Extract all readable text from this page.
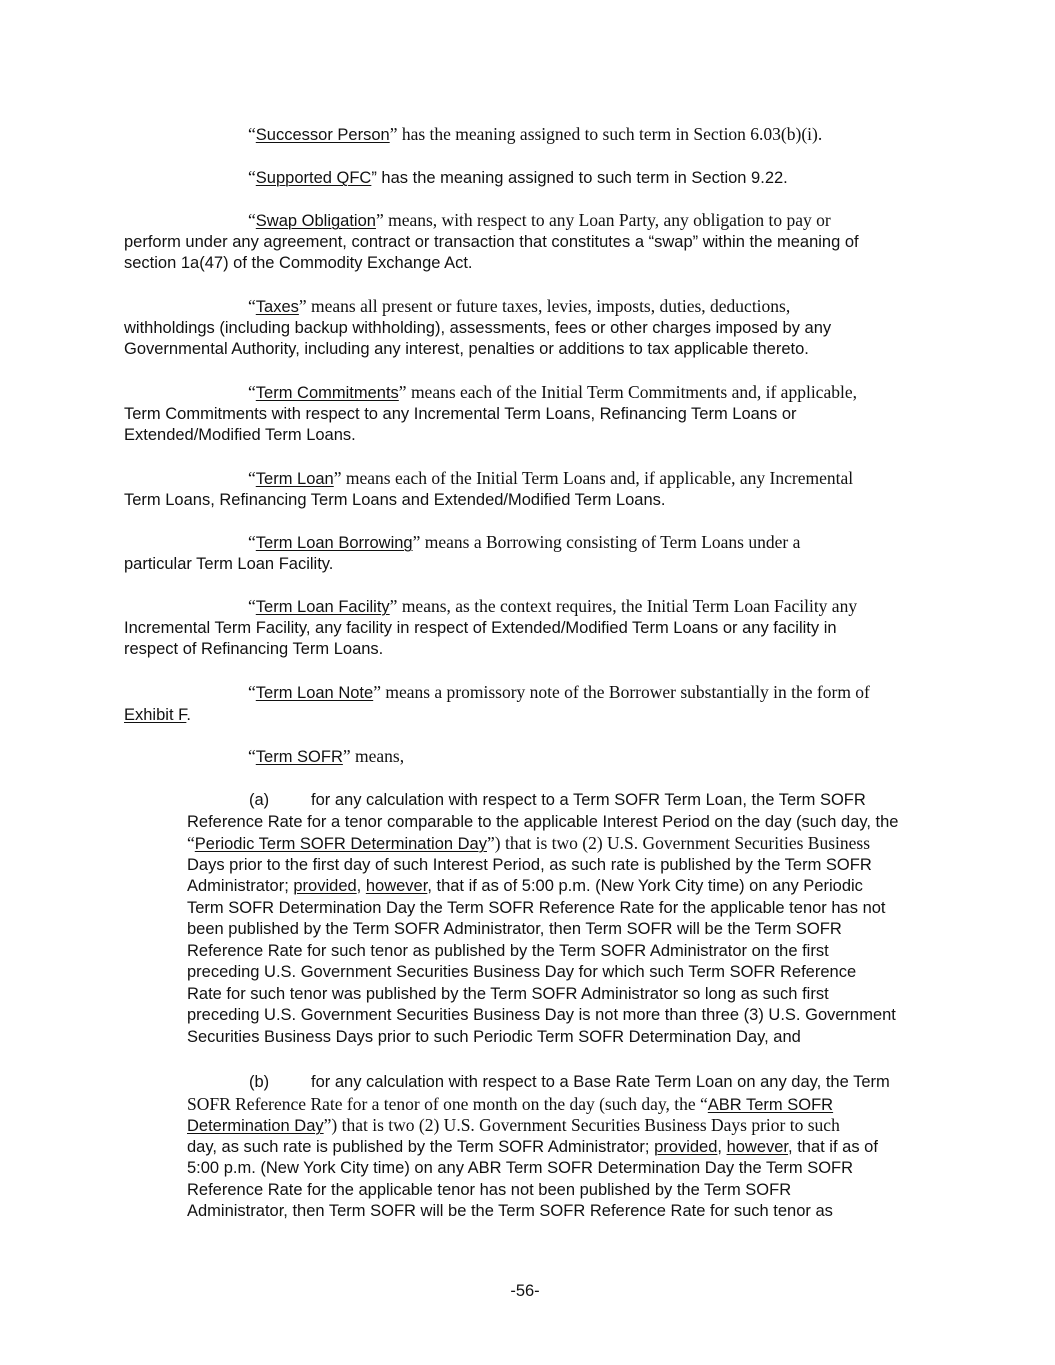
“Successor Person” has the meaning assigned to such term in Section 6.03(b)(i).
“Supported QFC” has the meaning assigned to such term in Section 9.22.
“Swap Obligation” means, with respect to any Loan Party, any obligation to pay or
perform under any agreement, contract or transaction that constitutes a “swap” within the meaning of
section 1a(47) of the Commodity Exchange Act.
“Taxes” means all present or future taxes, levies, imposts, duties, deductions,
withholdings (including backup withholding), assessments, fees or other charges imposed by any
Governmental Authority, including any interest, penalties or additions to tax applicable thereto.
“Term Commitments” means each of the Initial Term Commitments and, if applicable,
Term Commitments with respect to any Incremental Term Loans, Refinancing Term Loans or
Extended/Modified Term Loans.
“Term Loan” means each of the Initial Term Loans and, if applicable, any Incremental
Term Loans, Refinancing Term Loans and Extended/Modified Term Loans.
“Term Loan Borrowing” means a Borrowing consisting of Term Loans under a
particular Term Loan Facility.
“Term Loan Facility” means, as the context requires, the Initial Term Loan Facility any
Incremental Term Facility, any facility in respect of Extended/Modified Term Loans or any facility in
respect of Refinancing Term Loans.
“Term Loan Note” means a promissory note of the Borrower substantially in the form of
Exhibit F.
“Term SOFR” means,
(a)	for any calculation with respect to a Term SOFR Term Loan, the Term SOFR
Reference Rate for a tenor comparable to the applicable Interest Period on the day (such day, the
“Periodic Term SOFR Determination Day”) that is two (2) U.S. Government Securities Business
Days prior to the first day of such Interest Period, as such rate is published by the Term SOFR
Administrator; provided, however, that if as of 5:00 p.m. (New York City time) on any Periodic
Term SOFR Determination Day the Term SOFR Reference Rate for the applicable tenor has not
been published by the Term SOFR Administrator, then Term SOFR will be the Term SOFR
Reference Rate for such tenor as published by the Term SOFR Administrator on the first
preceding U.S. Government Securities Business Day for which such Term SOFR Reference
Rate for such tenor was published by the Term SOFR Administrator so long as such first
preceding U.S. Government Securities Business Day is not more than three (3) U.S. Government
Securities Business Days prior to such Periodic Term SOFR Determination Day, and
(b)	for any calculation with respect to a Base Rate Term Loan on any day, the Term
SOFR Reference Rate for a tenor of one month on the day (such day, the “ABR Term SOFR
Determination Day”) that is two (2) U.S. Government Securities Business Days prior to such
day, as such rate is published by the Term SOFR Administrator; provided, however, that if as of
5:00 p.m. (New York City time) on any ABR Term SOFR Determination Day the Term SOFR
Reference Rate for the applicable tenor has not been published by the Term SOFR
Administrator, then Term SOFR will be the Term SOFR Reference Rate for such tenor as
-56-
